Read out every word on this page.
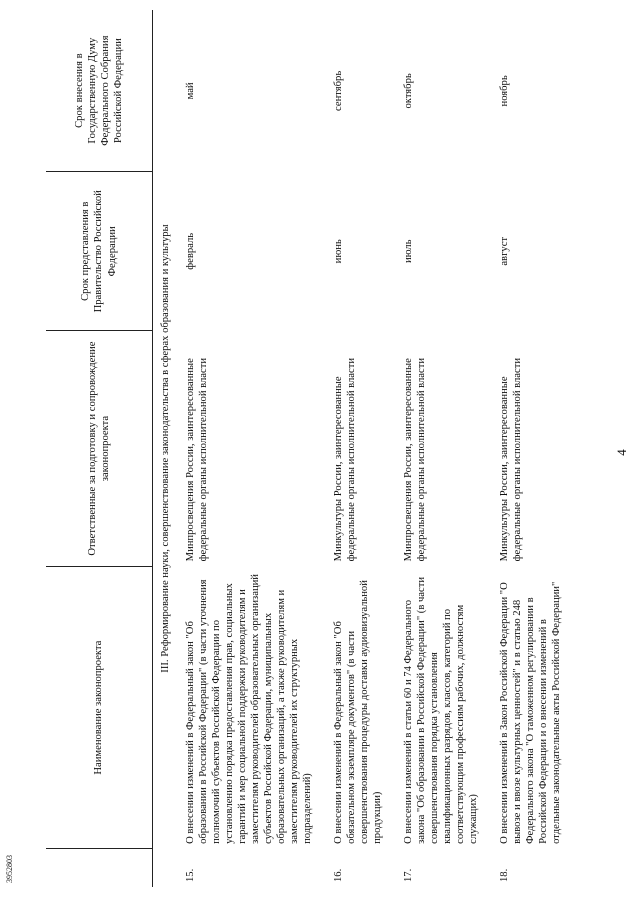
3952803
4
	Наименование законопроекта	Ответственные за подготовку и сопровождение законопроекта	Срок представления в Правительство Российской Федерации	Срок внесения в Государственную Думу Федерального Собрания Российской Федерации
III. Реформирование науки, совершенствование законодательства в сферах образования и культуры				
15.	О внесении изменений в Федеральный закон "Об образовании в Российской Федерации" (в части уточнения полномочий субъектов Российской Федерации по установлению порядка предоставления прав, социальных гарантий и мер социальной поддержки руководителям и заместителям руководителей образовательных организаций субъектов Российской Федерации, муниципальных образовательных организаций, а также руководителям и заместителям руководителей их структурных подразделений)	Минпросвещения России, заинтересованные федеральные органы исполнительной власти	февраль	май
16.	О внесении изменений в Федеральный закон "Об обязательном экземпляре документов" (в части совершенствования процедуры доставки аудиовизуальной продукции)	Минкультуры России, заинтересованные федеральные органы исполнительной власти	июнь	сентябрь
17.	О внесении изменений в статьи 60 и 74 Федерального закона "Об образовании в Российской Федерации" (в части совершенствования порядка установления квалификационных разрядов, классов, категорий по соответствующим профессиям рабочих, должностям служащих)	Минпросвещения России, заинтересованные федеральные органы исполнительной власти	июль	октябрь
18.	О внесении изменений в Закон Российской Федерации "О вывозе и ввозе культурных ценностей" и в статью 248 Федерального закона "О таможенном регулировании в Российской Федерации и о внесении изменений в отдельные законодательные акты Российской Федерации"	Минкультуры России, заинтересованные федеральные органы исполнительной власти	август	ноябрь
